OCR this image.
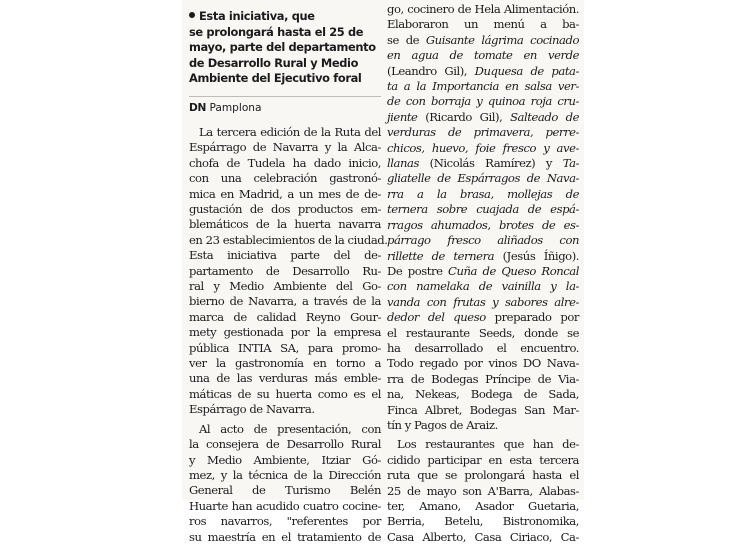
Esta iniciativa, que
se prolongará hasta el 25 de
mayo, parte del departamento
de Desarrollo Rural y Medio
Ambiente del Ejecutivo foral
DN Pamplona
La tercera edición de la Ruta del
Espárrago de Navarra y la Alca-
chofa de Tudela ha dado inicio,
con una celebración gastronó-
mica en Madrid, a un mes de de-
gustación de dos productos em-
blemáticos de la huerta navarra
en 23 establecimientos de la ciudad.
Esta iniciativa parte del de-
partamento de Desarrollo Ru-
ral y Medio Ambiente del Go-
bierno de Navarra, a través de la
marca de calidad Reyno Gour-
mety gestionada por la empresa
pública INTIA SA, para promo-
ver la gastronomía en torno a
una de las verduras más emble-
máticas de su huerta como es el
Espárrago de Navarra.
Al acto de presentación, con
la consejera de Desarrollo Rural
y Medio Ambiente, Itziar Gó-
mez, y la técnica de la Dirección
General de Turismo Belén
Huarte han acudido cuatro cocine-
ros navarros, "referentes por
su maestría en el tratamiento de
go, cocinero de Hela Alimentación.
Elaboraron un menú a ba-
se de Guisante lágrima cocinado
en agua de tomate en verde
(Leandro Gil), Duquesa de pata-
ta a la Importancia en salsa ver-
de con borraja y quinoa roja cru-
jiente (Ricardo Gil), Salteado de
verduras de primavera, perre-
chicos, huevo, foie fresco y ave-
llanas (Nicolás Ramírez) y Ta-
gliatelle de Espárragos de Nava-
rra a la brasa, mollejas de
ternera sobre cuajada de espá-
rragos ahumados, brotes de es-
párrago fresco aliñados con
rillette de ternera (Jesús Íñigo).
De postre Cuña de Queso Roncal
con namelaka de vainilla y la-
vanda con frutas y sabores alre-
dedor del queso preparado por
el restaurante Seeds, donde se
ha desarrollado el encuentro.
Todo regado por vinos DO Nava-
rra de Bodegas Príncipe de Via-
na, Nekeas, Bodega de Sada,
Finca Albret, Bodegas San Mar-
tín y Pagos de Araiz.
Los restaurantes que han de-
cidido participar en esta tercera
ruta que se prolongará hasta el
25 de mayo son A'Barra, Alabas-
ter, Amano, Asador Guetaria,
Berria, Betelu, Bistronomika,
Casa Alberto, Casa Ciriaco, Ca-
